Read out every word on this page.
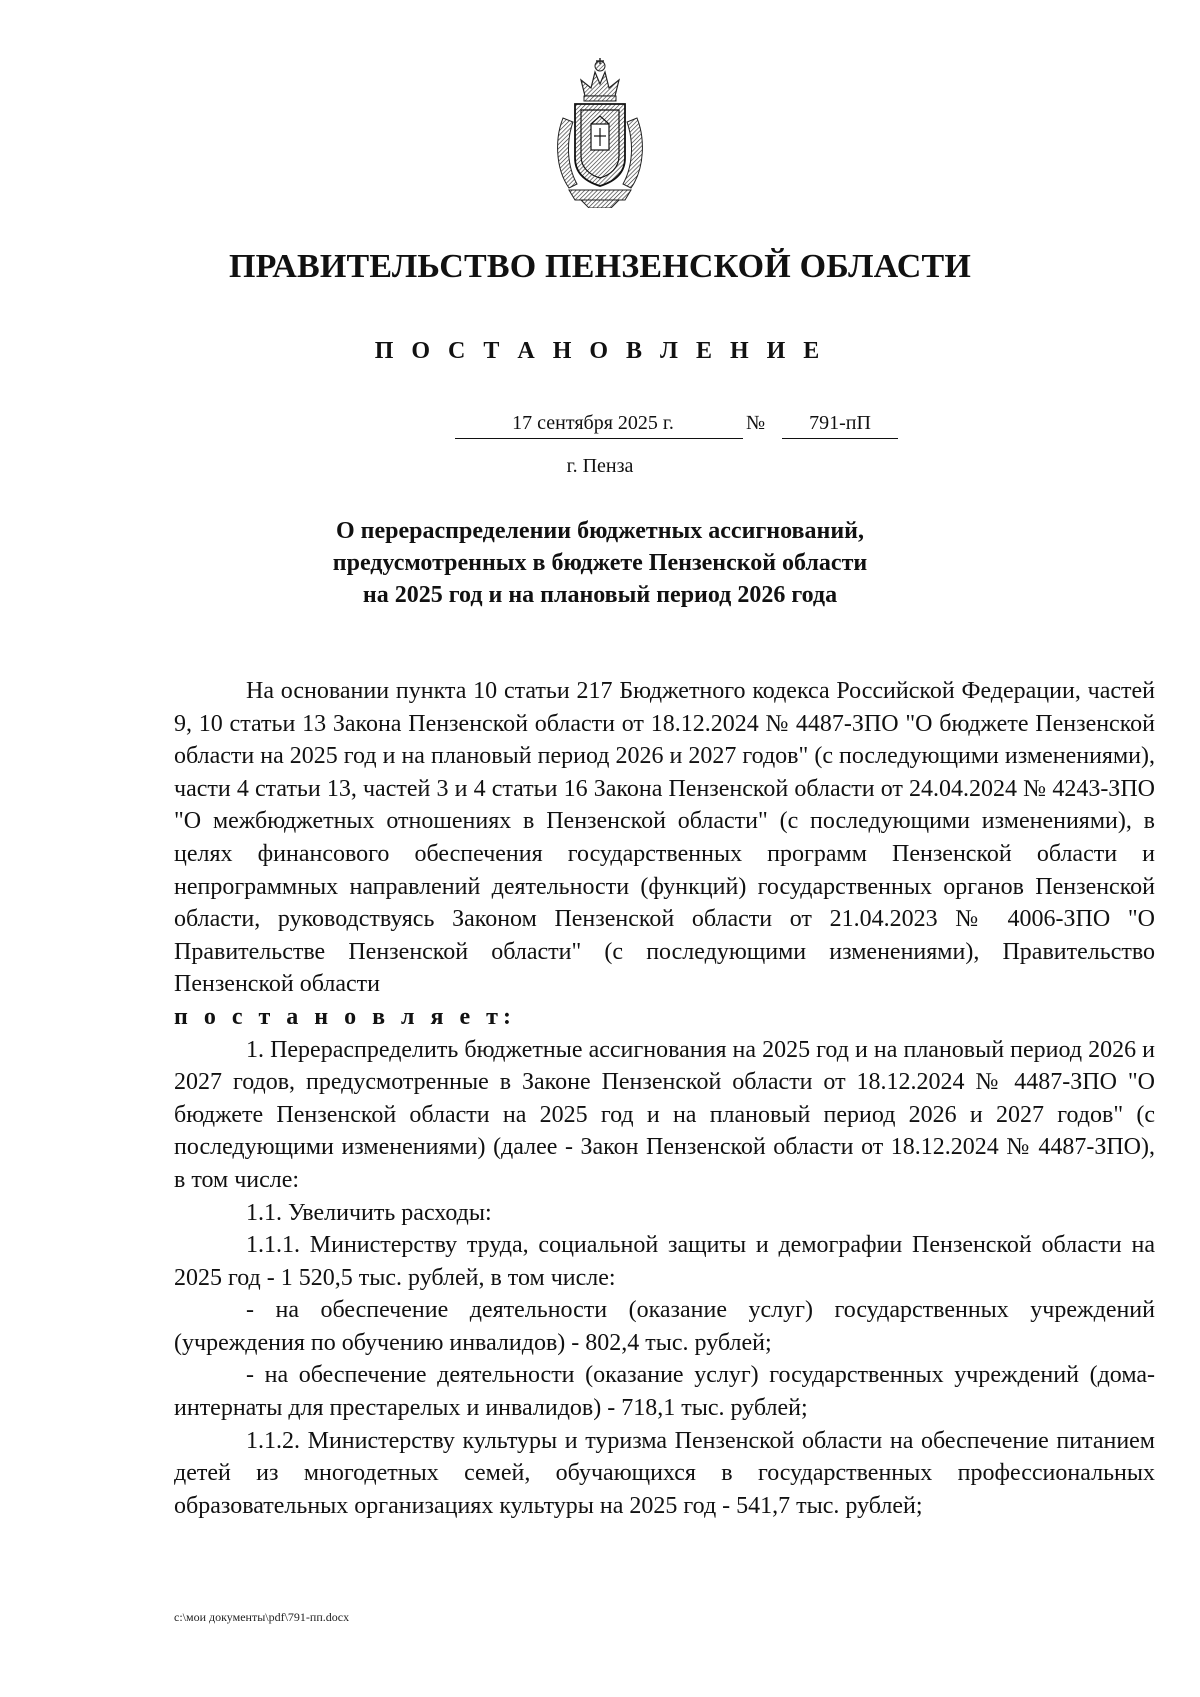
ПРАВИТЕЛЬСТВО ПЕНЗЕНСКОЙ ОБЛАСТИ
П О С Т А Н О В Л Е Н И Е
17 сентября 2025 г.	№	791-пП
г. Пенза
О перераспределении бюджетных ассигнований,
предусмотренных в бюджете Пензенской области
на 2025 год и на плановый период 2026 года

На основании пункта 10 статьи 217 Бюджетного кодекса Российской Федерации, частей 9, 10 статьи 13 Закона Пензенской области от 18.12.2024 № 4487-ЗПО "О бюджете Пензенской области на 2025 год и на плановый период 2026 и 2027 годов" (с последующими изменениями), части 4 статьи 13, частей 3 и 4 статьи 16 Закона Пензенской области от 24.04.2024 № 4243-ЗПО "О межбюджетных отношениях в Пензенской области" (с последующими изменениями), в целях финансового обеспечения государственных программ Пензенской области и непрограммных направлений деятельности (функций) государственных органов Пензенской области, руководствуясь Законом Пензенской области от 21.04.2023 № 4006-ЗПО "О Правительстве Пензенской области" (с последующими изменениями), Правительство Пензенской области

п о с т а н о в л я е т:

1. Перераспределить бюджетные ассигнования на 2025 год и на плановый период 2026 и 2027 годов, предусмотренные в Законе Пензенской области от 18.12.2024 № 4487-ЗПО "О бюджете Пензенской области на 2025 год и на плановый период 2026 и 2027 годов" (с последующими изменениями) (далее - Закон Пензенской области от 18.12.2024 № 4487-ЗПО), в том числе:

1.1. Увеличить расходы:

1.1.1. Министерству труда, социальной защиты и демографии Пензенской области на 2025 год - 1 520,5 тыс. рублей, в том числе:

- на обеспечение деятельности (оказание услуг) государственных учреждений (учреждения по обучению инвалидов) - 802,4 тыс. рублей;

- на обеспечение деятельности (оказание услуг) государственных учреждений (дома-интернаты для престарелых и инвалидов) - 718,1 тыс. рублей;

1.1.2. Министерству культуры и туризма Пензенской области на обеспечение питанием детей из многодетных семей, обучающихся в государственных профессиональных образовательных организациях культуры на 2025 год - 541,7 тыс. рублей;

c:\мои документы\pdf\791-пп.docx
